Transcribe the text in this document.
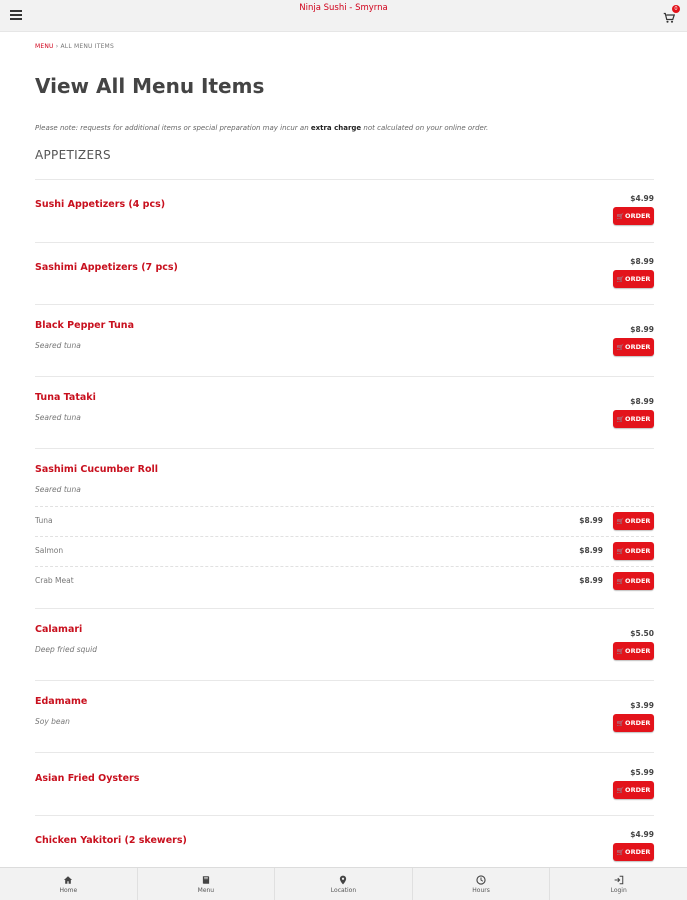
Ninja Sushi - Smyrna	0
MENU › ALL MENU ITEMS
View All Menu Items
Please note: requests for additional items or special preparation may incur an extra charge not calculated on your online order.
APPETIZERS
Sushi Appetizers (4 pcs)
$4.99
🛒ORDER
Sashimi Appetizers (7 pcs)
$8.99
🛒ORDER
Black Pepper Tuna
Seared tuna
$8.99
🛒ORDER
Tuna Tataki
Seared tuna
$8.99
🛒ORDER
Sashimi Cucumber Roll
Seared tuna
Tuna	$8.99	🛒ORDER
Salmon	$8.99	🛒ORDER
Crab Meat	$8.99	🛒ORDER
Calamari
Deep fried squid
$5.50
🛒ORDER
Edamame
Soy bean
$3.99
🛒ORDER
Asian Fried Oysters
$5.99
🛒ORDER
Chicken Yakitori (2 skewers)
$4.99
🛒ORDER
Home	Menu	Location	Hours	Login
